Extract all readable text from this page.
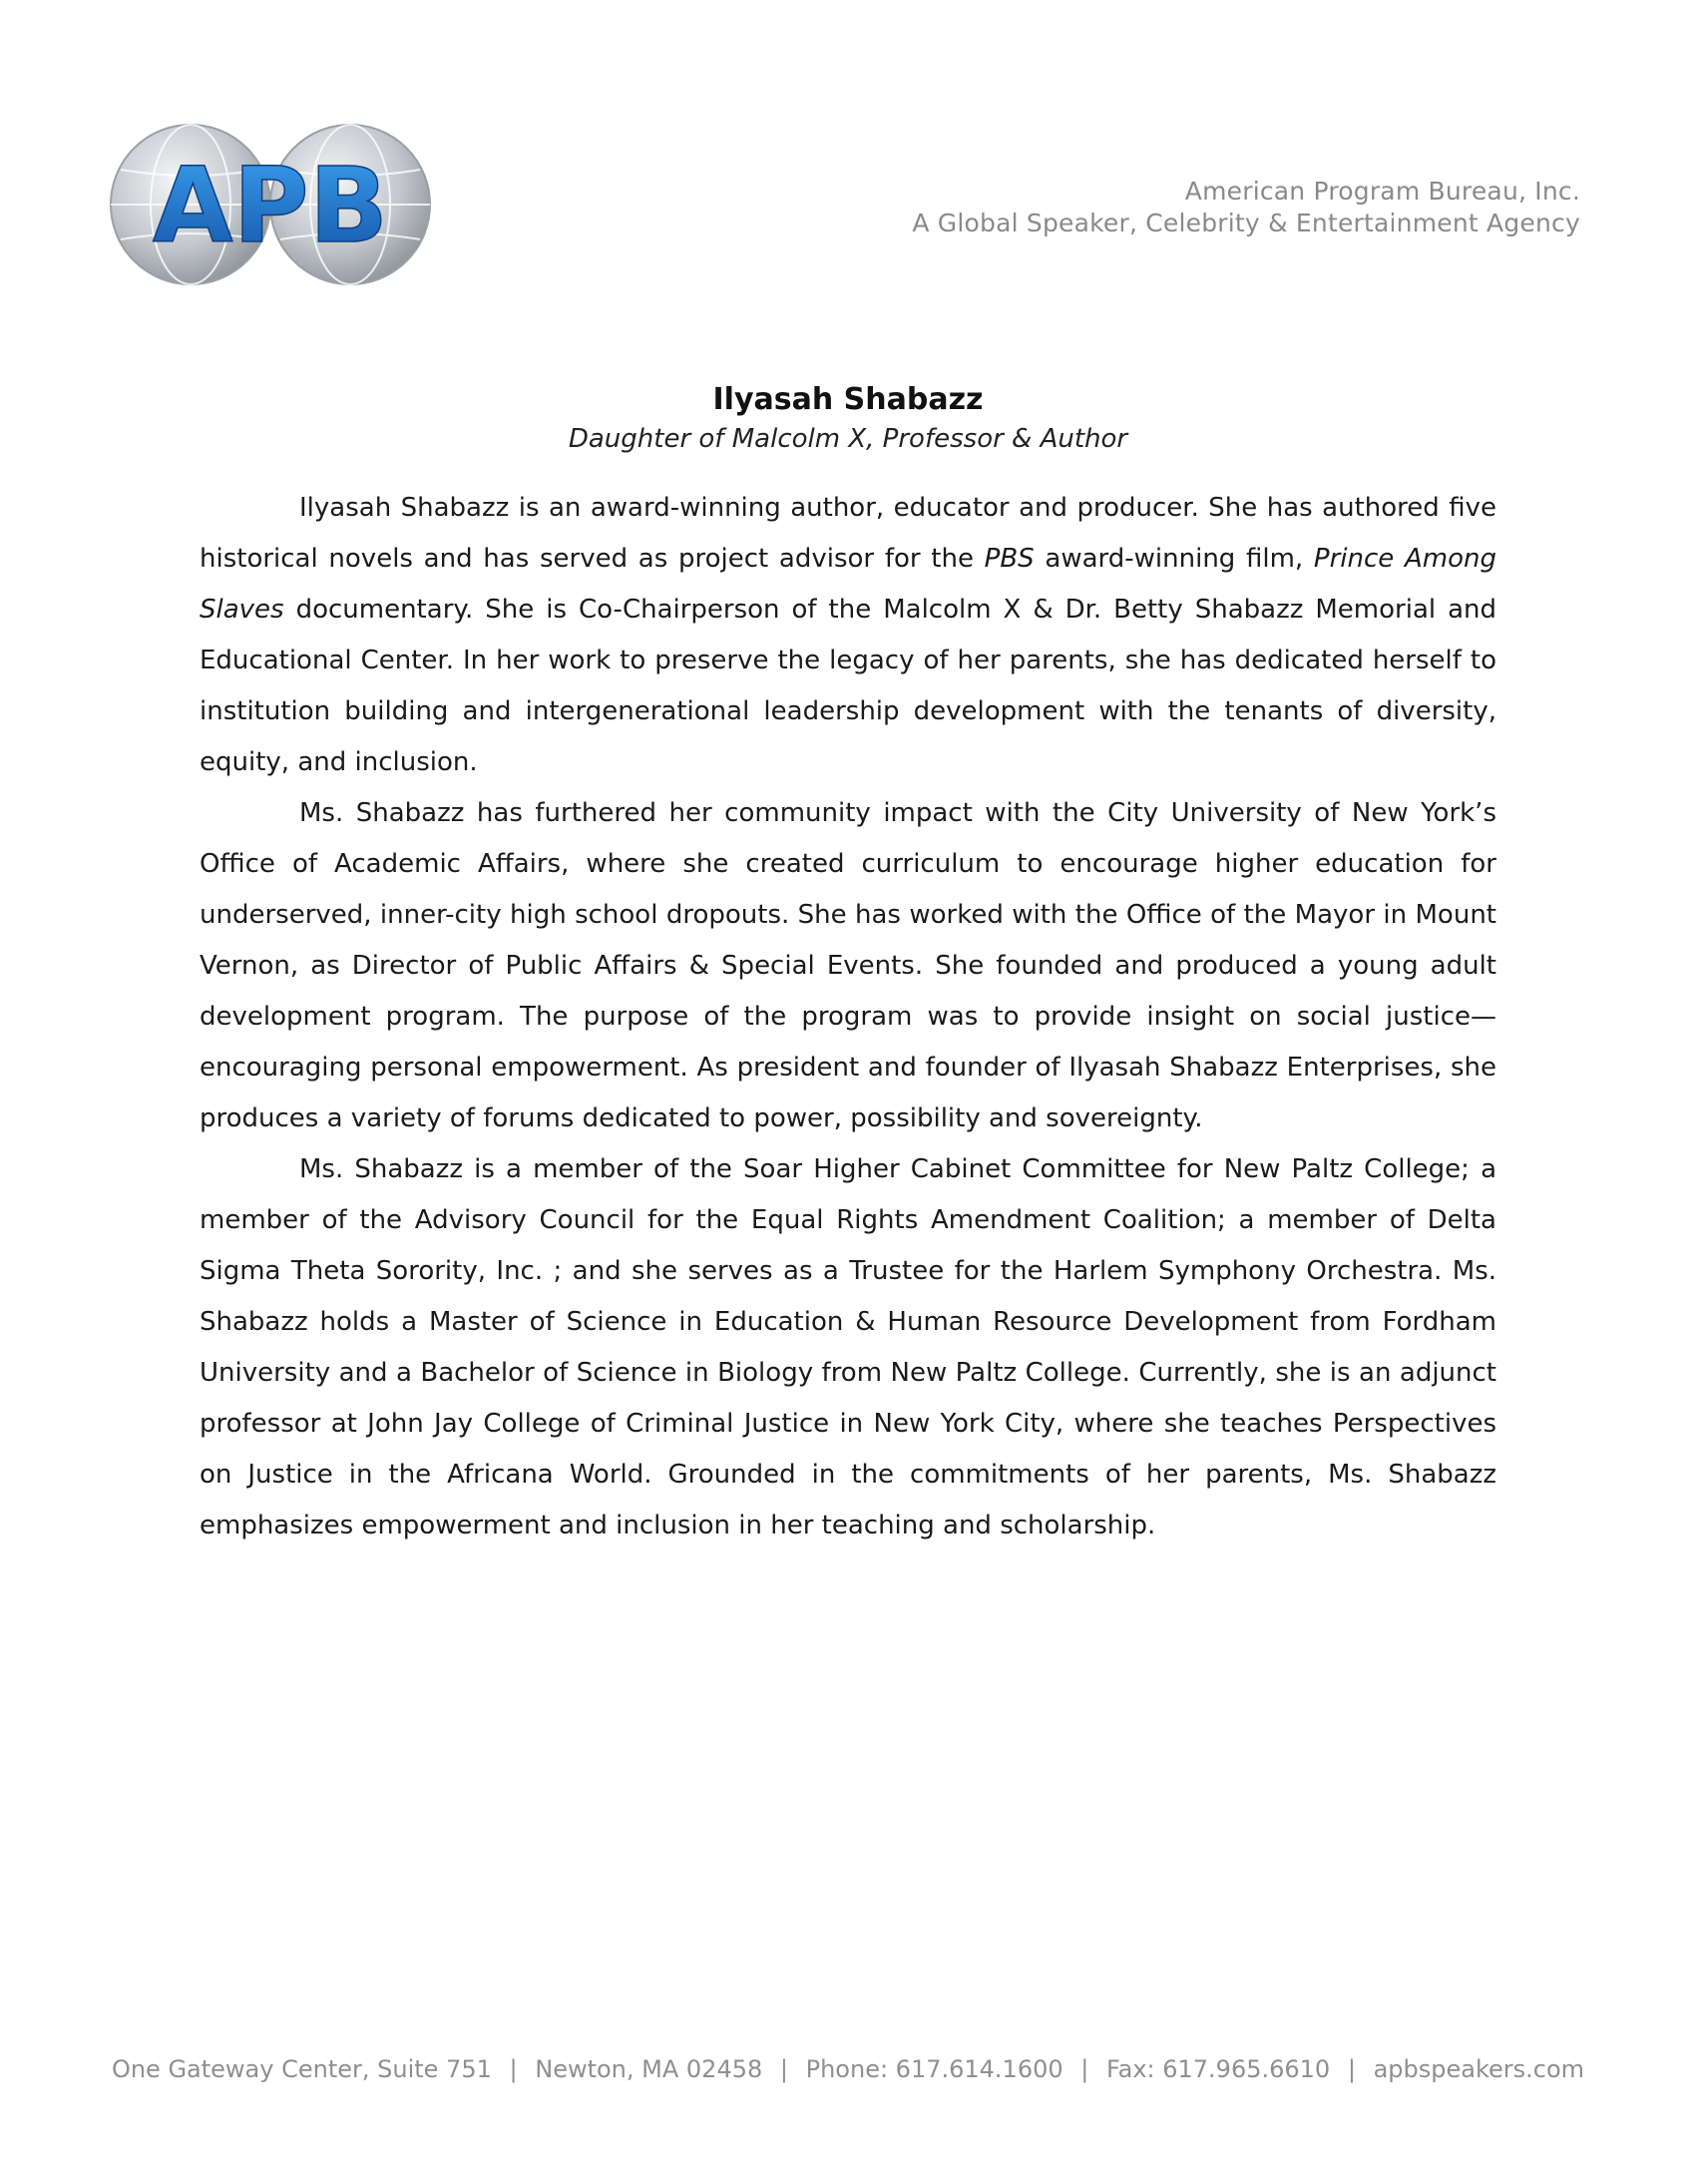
APB	American Program Bureau, Inc.
A Global Speaker, Celebrity & Entertainment Agency
Ilyasah Shabazz
Daughter of Malcolm X, Professor & Author

Ilyasah Shabazz is an award-winning author, educator and producer. She has authored five historical novels and has served as project advisor for the PBS award-winning film, Prince Among Slaves documentary. She is Co-Chairperson of the Malcolm X & Dr. Betty Shabazz Memorial and Educational Center. In her work to preserve the legacy of her parents, she has dedicated herself to institution building and intergenerational leadership development with the tenants of diversity, equity, and inclusion.

Ms. Shabazz has furthered her community impact with the City University of New York’s Office of Academic Affairs, where she created curriculum to encourage higher education for underserved, inner-city high school dropouts. She has worked with the Office of the Mayor in Mount Vernon, as Director of Public Affairs & Special Events. She founded and produced a young adult development program. The purpose of the program was to provide insight on social justice—encouraging personal empowerment. As president and founder of Ilyasah Shabazz Enterprises, she produces a variety of forums dedicated to power, possibility and sovereignty.

Ms. Shabazz is a member of the Soar Higher Cabinet Committee for New Paltz College; a member of the Advisory Council for the Equal Rights Amendment Coalition; a member of Delta Sigma Theta Sorority, Inc. ; and she serves as a Trustee for the Harlem Symphony Orchestra. Ms. Shabazz holds a Master of Science in Education & Human Resource Development from Fordham University and a Bachelor of Science in Biology from New Paltz College. Currently, she is an adjunct professor at John Jay College of Criminal Justice in New York City, where she teaches Perspectives on Justice in the Africana World. Grounded in the commitments of her parents, Ms. Shabazz emphasizes empowerment and inclusion in her teaching and scholarship.

One Gateway Center, Suite 751 | Newton, MA 02458 | Phone: 617.614.1600 | Fax: 617.965.6610 | apbspeakers.com
